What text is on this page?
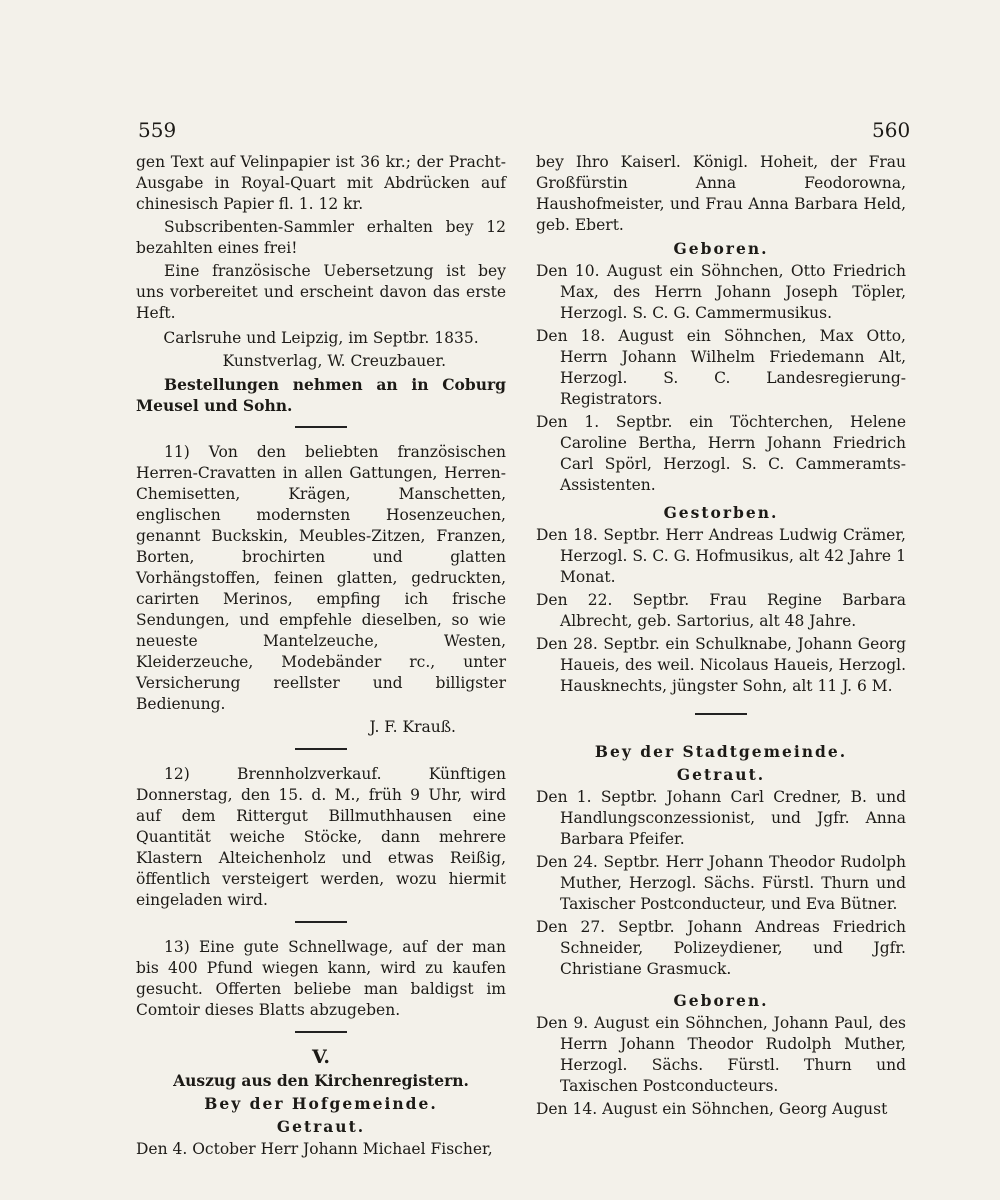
559	560

gen Text auf Velinpapier ist 36 kr.; der Pracht-Ausgabe in Royal-Quart mit Abdrücken auf chinesisch Papier fl. 1. 12 kr.

Subscribenten-Sammler erhalten bey 12 bezahlten eines frei!

Eine französische Uebersetzung ist bey uns vorbereitet und erscheint davon das erste Heft.

Carlsruhe und Leipzig, im Septbr. 1835.

Kunstverlag, W. Creuzbauer.

Bestellungen nehmen an in Coburg Meusel und Sohn.

11) Von den beliebten französischen Herren-Cravatten in allen Gattungen, Herren-Chemisetten, Krägen, Manschetten, englischen modernsten Hosenzeuchen, genannt Buckskin, Meubles-Zitzen, Franzen, Borten, brochirten und glatten Vorhängstoffen, feinen glatten, gedruckten, carirten Merinos, empfing ich frische Sendungen, und empfehle dieselben, so wie neueste Mantelzeuche, Westen, Kleiderzeuche, Modebänder rc., unter Versicherung reellster und billigster Bedienung.

J. F. Krauß.

12) Brennholzverkauf. Künftigen Donnerstag, den 15. d. M., früh 9 Uhr, wird auf dem Rittergut Billmuthhausen eine Quantität weiche Stöcke, dann mehrere Klastern Alteichenholz und etwas Reißig, öffentlich versteigert werden, wozu hiermit eingeladen wird.

13) Eine gute Schnellwage, auf der man bis 400 Pfund wiegen kann, wird zu kaufen gesucht. Offerten beliebe man baldigst im Comtoir dieses Blatts abzugeben.

V.

Auszug aus den Kirchenregistern.

Bey der Hofgemeinde.

Getraut.

Den 4. October Herr Johann Michael Fischer,

bey Ihro Kaiserl. Königl. Hoheit, der Frau Großfürstin Anna Feodorowna, Haushofmeister, und Frau Anna Barbara Held, geb. Ebert.

Geboren.

Den 10. August ein Söhnchen, Otto Friedrich Max, des Herrn Johann Joseph Töpler, Herzogl. S. C. G. Cammermusikus.

Den 18. August ein Söhnchen, Max Otto, Herrn Johann Wilhelm Friedemann Alt, Herzogl. S. C. Landesregierung-Registrators.

Den 1. Septbr. ein Töchterchen, Helene Caroline Bertha, Herrn Johann Friedrich Carl Spörl, Herzogl. S. C. Cammeramts-Assistenten.

Gestorben.

Den 18. Septbr. Herr Andreas Ludwig Crämer, Herzogl. S. C. G. Hofmusikus, alt 42 Jahre 1 Monat.

Den 22. Septbr. Frau Regine Barbara Albrecht, geb. Sartorius, alt 48 Jahre.

Den 28. Septbr. ein Schulknabe, Johann Georg Haueis, des weil. Nicolaus Haueis, Herzogl. Hausknechts, jüngster Sohn, alt 11 J. 6 M.

Bey der Stadtgemeinde.

Getraut.

Den 1. Septbr. Johann Carl Credner, B. und Handlungsconzessionist, und Jgfr. Anna Barbara Pfeifer.

Den 24. Septbr. Herr Johann Theodor Rudolph Muther, Herzogl. Sächs. Fürstl. Thurn und Taxischer Postconducteur, und Eva Bütner.

Den 27. Septbr. Johann Andreas Friedrich Schneider, Polizeydiener, und Jgfr. Christiane Grasmuck.

Geboren.

Den 9. August ein Söhnchen, Johann Paul, des Herrn Johann Theodor Rudolph Muther, Herzogl. Sächs. Fürstl. Thurn und Taxischen Postconducteurs.

Den 14. August ein Söhnchen, Georg August
